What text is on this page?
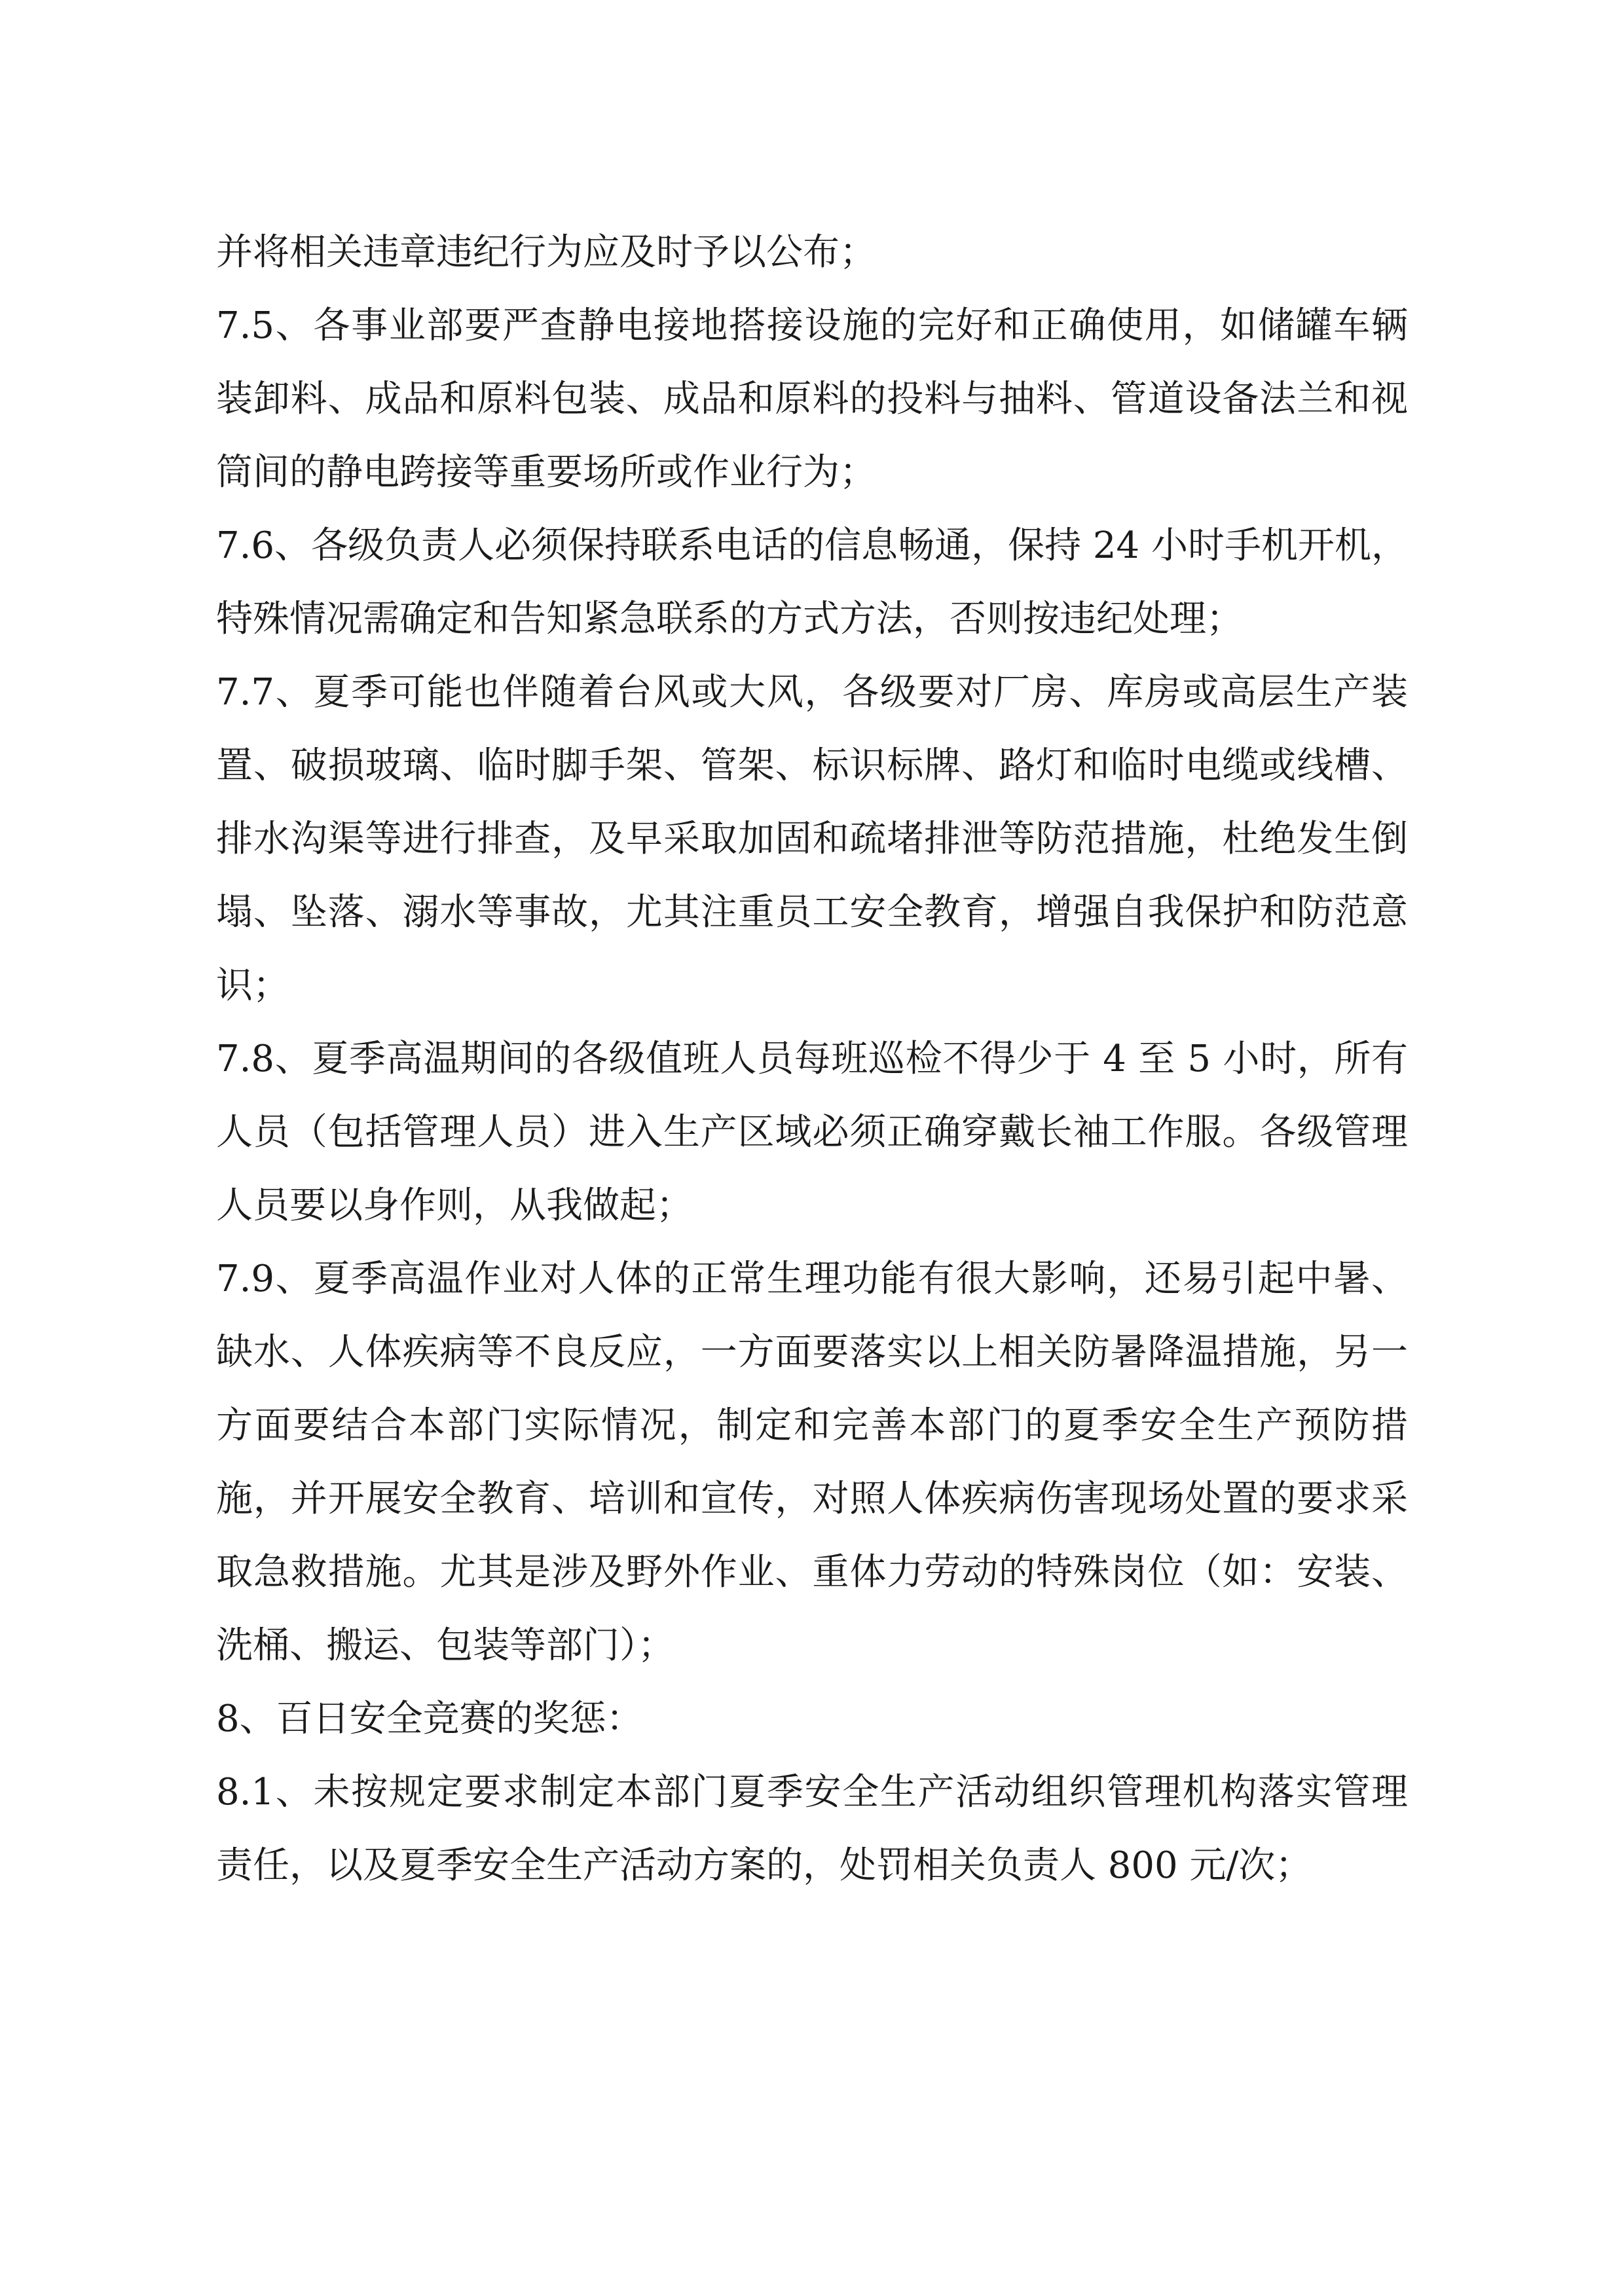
并将相关违章违纪行为应及时予以公布；

7.5、各事业部要严查静电接地搭接设施的完好和正确使用，如储罐车辆装卸料、成品和原料包装、成品和原料的投料与抽料、管道设备法兰和视筒间的静电跨接等重要场所或作业行为；

7.6、各级负责人必须保持联系电话的信息畅通，保持 24 小时手机开机，特殊情况需确定和告知紧急联系的方式方法，否则按违纪处理；

7.7、夏季可能也伴随着台风或大风，各级要对厂房、库房或高层生产装置、破损玻璃、临时脚手架、管架、标识标牌、路灯和临时电缆或线槽、排水沟渠等进行排查，及早采取加固和疏堵排泄等防范措施，杜绝发生倒塌、坠落、溺水等事故，尤其注重员工安全教育，增强自我保护和防范意识；

7.8、夏季高温期间的各级值班人员每班巡检不得少于 4 至 5 小时，所有人员（包括管理人员）进入生产区域必须正确穿戴长袖工作服。各级管理人员要以身作则，从我做起；

7.9、夏季高温作业对人体的正常生理功能有很大影响，还易引起中暑、缺水、人体疾病等不良反应，一方面要落实以上相关防暑降温措施，另一方面要结合本部门实际情况，制定和完善本部门的夏季安全生产预防措施，并开展安全教育、培训和宣传，对照人体疾病伤害现场处置的要求采取急救措施。尤其是涉及野外作业、重体力劳动的特殊岗位（如：安装、洗桶、搬运、包装等部门）；

8、百日安全竞赛的奖惩：

8.1、未按规定要求制定本部门夏季安全生产活动组织管理机构落实管理责任，以及夏季安全生产活动方案的，处罚相关负责人 800 元/次；
